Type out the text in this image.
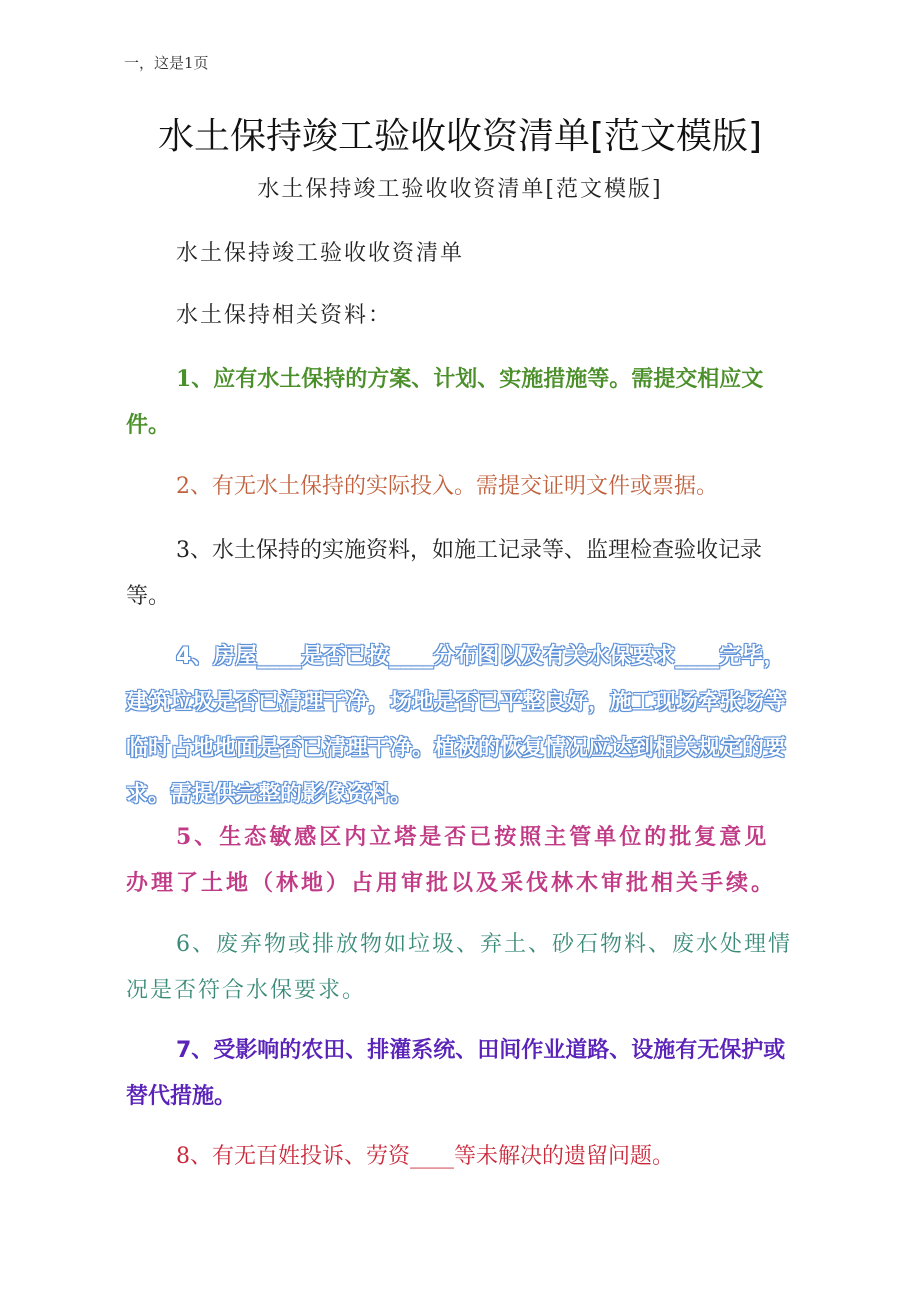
一，这是1页
水土保持竣工验收收资清单[范文模版]
水土保持竣工验收收资清单[范文模版]
水土保持竣工验收收资清单
水土保持相关资料：

1、应有水土保持的方案、计划、实施措施等。需提交相应文件。

2、有无水土保持的实际投入。需提交证明文件或票据。

3、水土保持的实施资料，如施工记录等、监理检查验收记录等。

4、房屋____是否已按____分布图以及有关水保要求____完毕，建筑垃圾是否已清理干净，场地是否已平整良好，施工现场牵张场等临时占地地面是否已清理干净。植被的恢复情况应达到相关规定的要求。需提供完整的影像资料。

5、生态敏感区内立塔是否已按照主管单位的批复意见办理了土地（林地）占用审批以及采伐林木审批相关手续。

6、废弃物或排放物如垃圾、弃土、砂石物料、废水处理情况是否符合水保要求。

7、受影响的农田、排灌系统、田间作业道路、设施有无保护或替代措施。

8、有无百姓投诉、劳资____等未解决的遗留问题。
